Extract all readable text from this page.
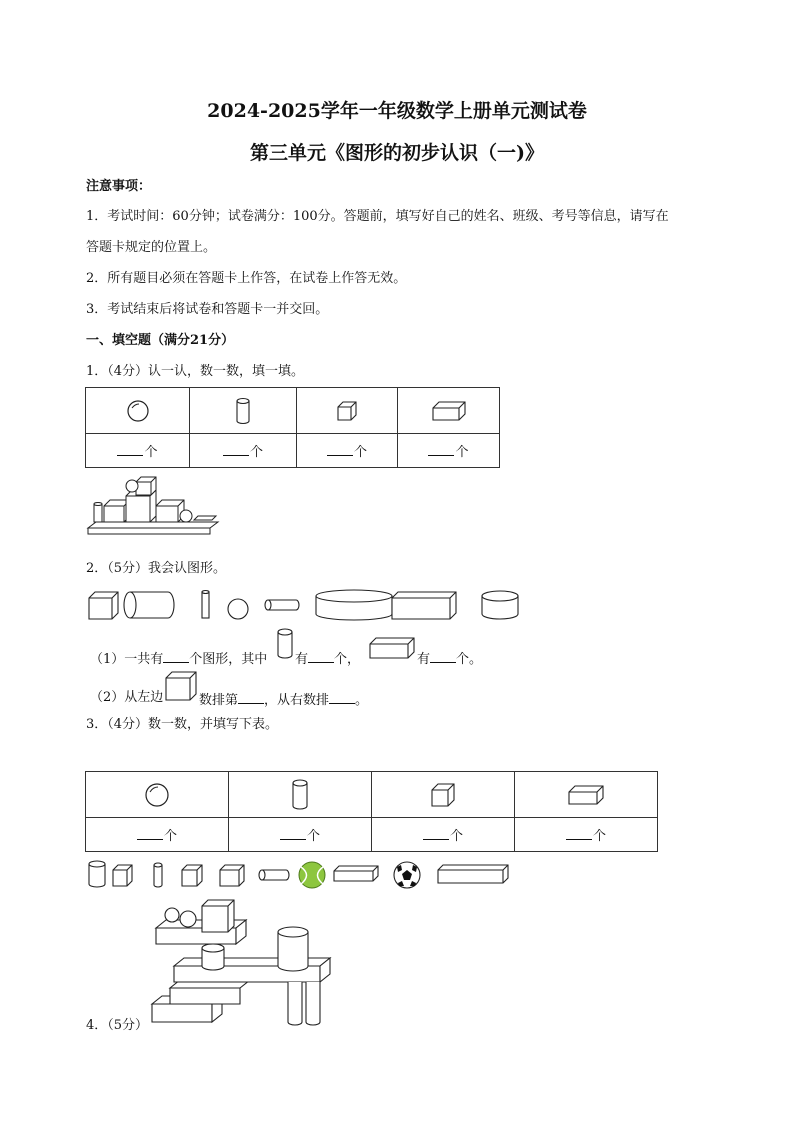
2024-2025学年一年级数学上册单元测试卷
第三单元《图形的初步认识（一)》
注意事项：
1．考试时间：60分钟；试卷满分：100分。答题前，填写好自己的姓名、班级、考号等信息，请写在
答题卡规定的位置上。
2．所有题目必须在答题卡上作答，在试卷上作答无效。
3．考试结束后将试卷和答题卡一并交回。
一、填空题（满分21分）
1．（4分）认一认，数一数，填一填。

个	个	个	个
2．（5分）我会认图形。
（1）一共有 个图形，其中 有 个，	有 个。
（2）从左边	数排第 ，从右数排 。
3．（4分）数一数，并填写下表。

个	个	个	个
4．（5分）
